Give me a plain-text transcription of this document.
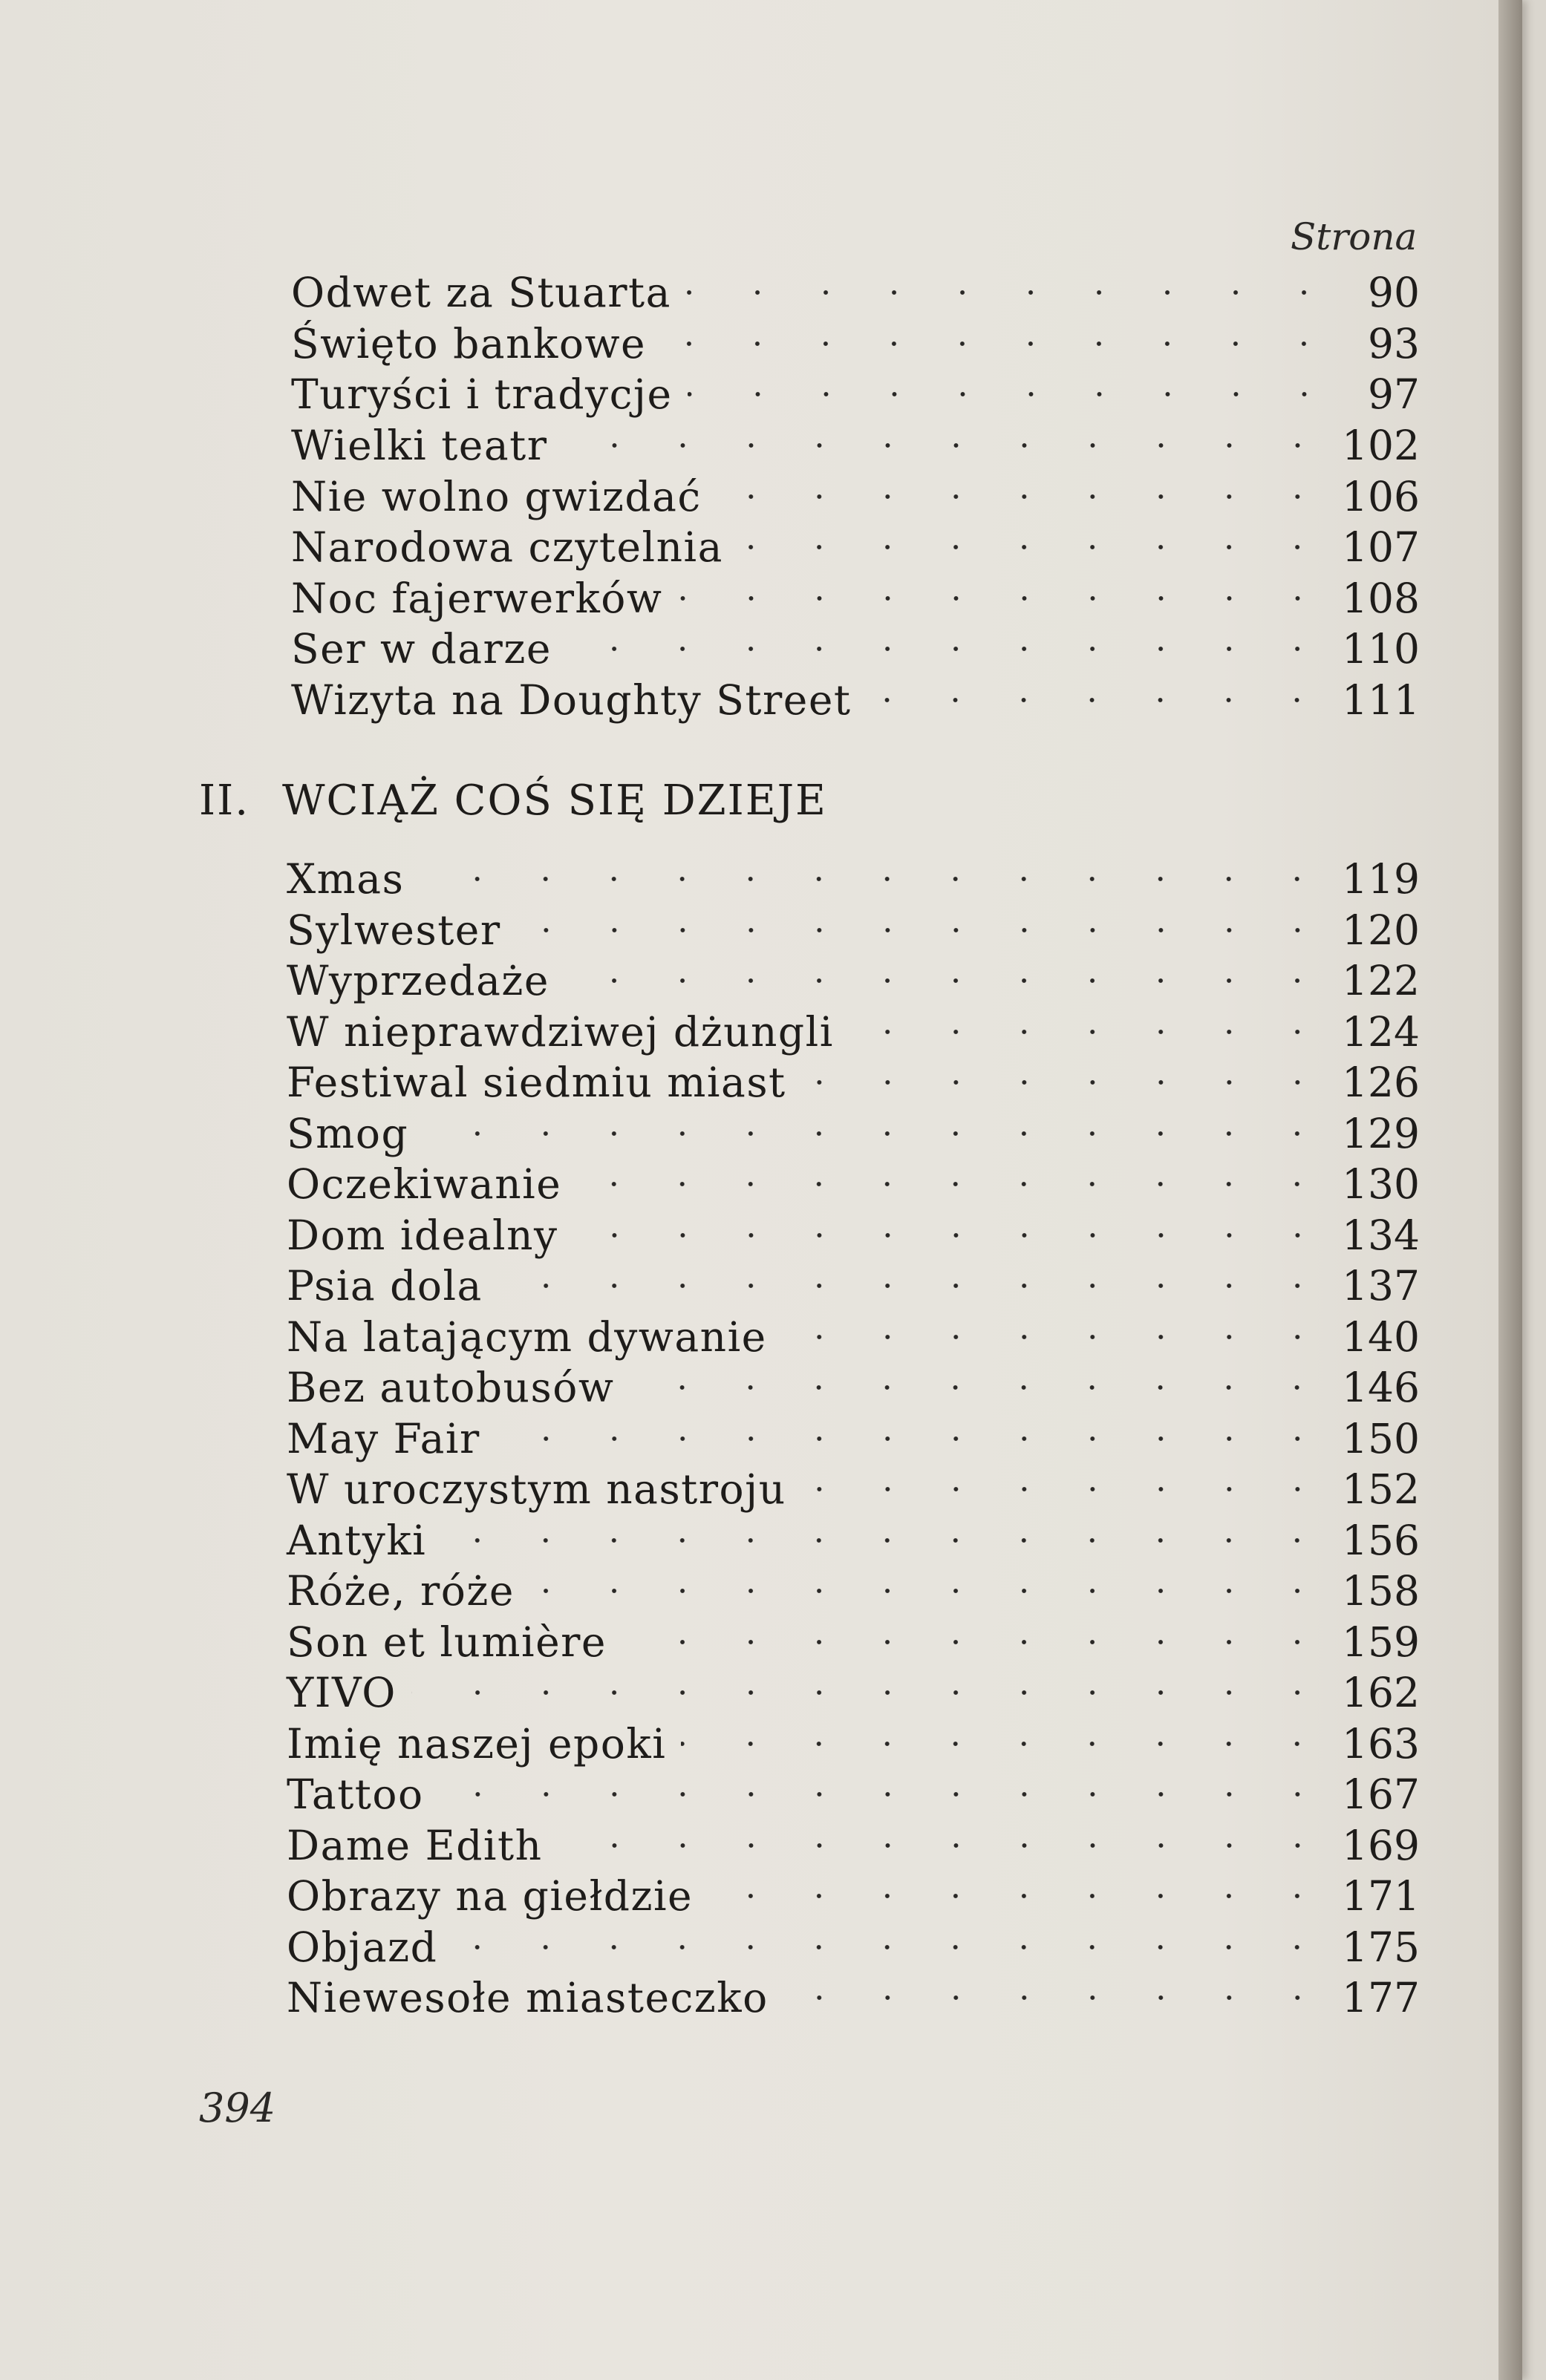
Strona
Odwet za Stuarta	90
Święto bankowe	93
Turyści i tradycje	97
Wielki teatr	102
Nie wolno gwizdać	106
Narodowa czytelnia	107
Noc fajerwerków	108
Ser w darze	110
Wizyta na Doughty Street	111
II. WCIĄŻ COŚ SIĘ DZIEJE
Xmas	119
Sylwester	120
Wyprzedaże	122
W nieprawdziwej dżungli	124
Festiwal siedmiu miast	126
Smog	129
Oczekiwanie	130
Dom idealny	134
Psia dola	137
Na latającym dywanie	140
Bez autobusów	146
May Fair	150
W uroczystym nastroju	152
Antyki	156
Róże, róże	158
Son et lumière	159
YIVO	162
Imię naszej epoki	163
Tattoo	167
Dame Edith	169
Obrazy na giełdzie	171
Objazd	175
Niewesołe miasteczko	177
394
